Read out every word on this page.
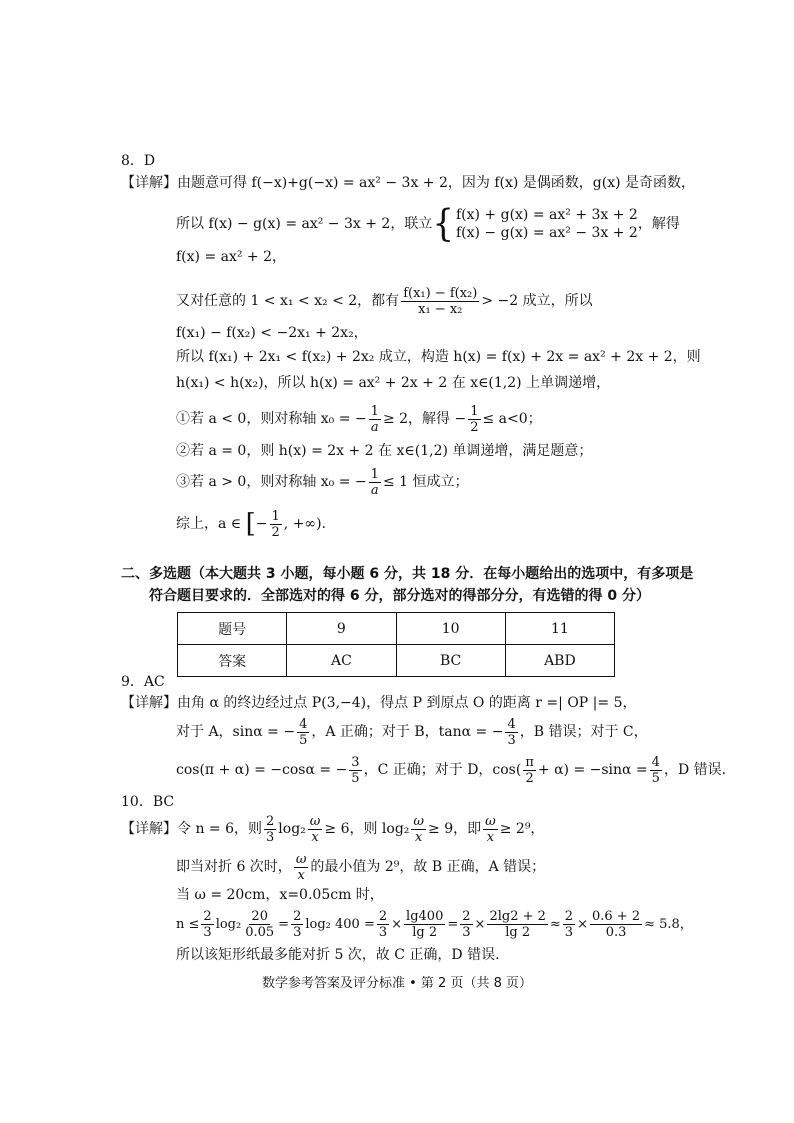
8．D
【详解】由题意可得 f(−x)+g(−x) = ax² − 3x + 2，因为 f(x) 是偶函数，g(x) 是奇函数，
所以 f(x) − g(x) = ax² − 3x + 2，联立{ f(x) + g(x) = ax² + 3x + 2
f(x) − g(x) = ax² − 3x + 2
，解得
f(x) = ax² + 2，
又对任意的 1 < x₁ < x₂ < 2，都有 $\frac{\text{f(x₁) − f(x₂)}}{\text{x₁ − x₂}} > -2$ 成立，所以
f(x₁) − f(x₂) < −2x₁ + 2x₂，
所以 f(x₁) + 2x₁ < f(x₂) + 2x₂ 成立，构造 h(x) = f(x) + 2x = ax² + 2x + 2，则
h(x₁) < h(x₂)，所以 h(x) = ax² + 2x + 2 在 x∈(1,2) 上单调递增，
①若 a < 0，则对称轴 x₀ = − $\frac{1}{a} \ge 2$，解得 − $\frac{1}{2} \le a<0$；
②若 a = 0，则 h(x) = 2x + 2 在 x∈(1,2) 单调递增，满足题意；
③若 a > 0，则对称轴 x₀ = − $\frac{1}{a} \le 1$ 恒成立；
综上，a ∈ [− $\frac{1}{2}$ , +∞).
二、多选题（本大题共 3 小题，每小题 6 分，共 18 分．在每小题给出的选项中，有多项是
符合题目要求的．全部选对的得 6 分，部分选对的得部分分，有选错的得 0 分）
题号	9	10	11
答案	AC	BC	ABD
9．AC
【详解】由角 α 的终边经过点 P(3,−4)，得点 P 到原点 O 的距离 r =| OP |= 5，
对于 A，sinα = − $\frac{4}{5}$ ，A 正确；对于 B，tanα = − $\frac{4}{3}$ ，B 错误；对于 C，
cos(π + α) = −cosα = − $\frac{3}{5}$ ，C 正确；对于 D，$\cos( \frac{\pi}{2} + \alpha) = -\sin\alpha = \frac{4}{5}$ ，D 错误.
10．BC
【详解】令 n = 6，则 $\frac{2}{3} \log_2 \frac{\omega}{x} \ge 6$，则 $\log_2 \frac{\omega}{x} \ge 9$，即 $\frac{\omega}{x} \ge 2^9$，
即当对折 6 次时， $\frac{\omega}{x}$ 的最小值为 2⁹，故 B 正确，A 错误；
当 ω = 20cm，x=0.05cm 时，
$n \le \frac{2}{3} \log_2 \frac{20}{0.05} = \frac{2}{3} \log_2$ $400 = \frac{2}{3} \times \frac{\lg 400}{\lg 2} = \frac{2}{3} \times \frac{2\lg 2 + 2}{\lg 2} \approx \frac{2}{3} \times \frac{0.6 + 2}{0.3} \approx 5.8$，
所以该矩形纸最多能对折 5 次，故 C 正确，D 错误.
数学参考答案及评分标准 • 第 2 页（共 8 页）
